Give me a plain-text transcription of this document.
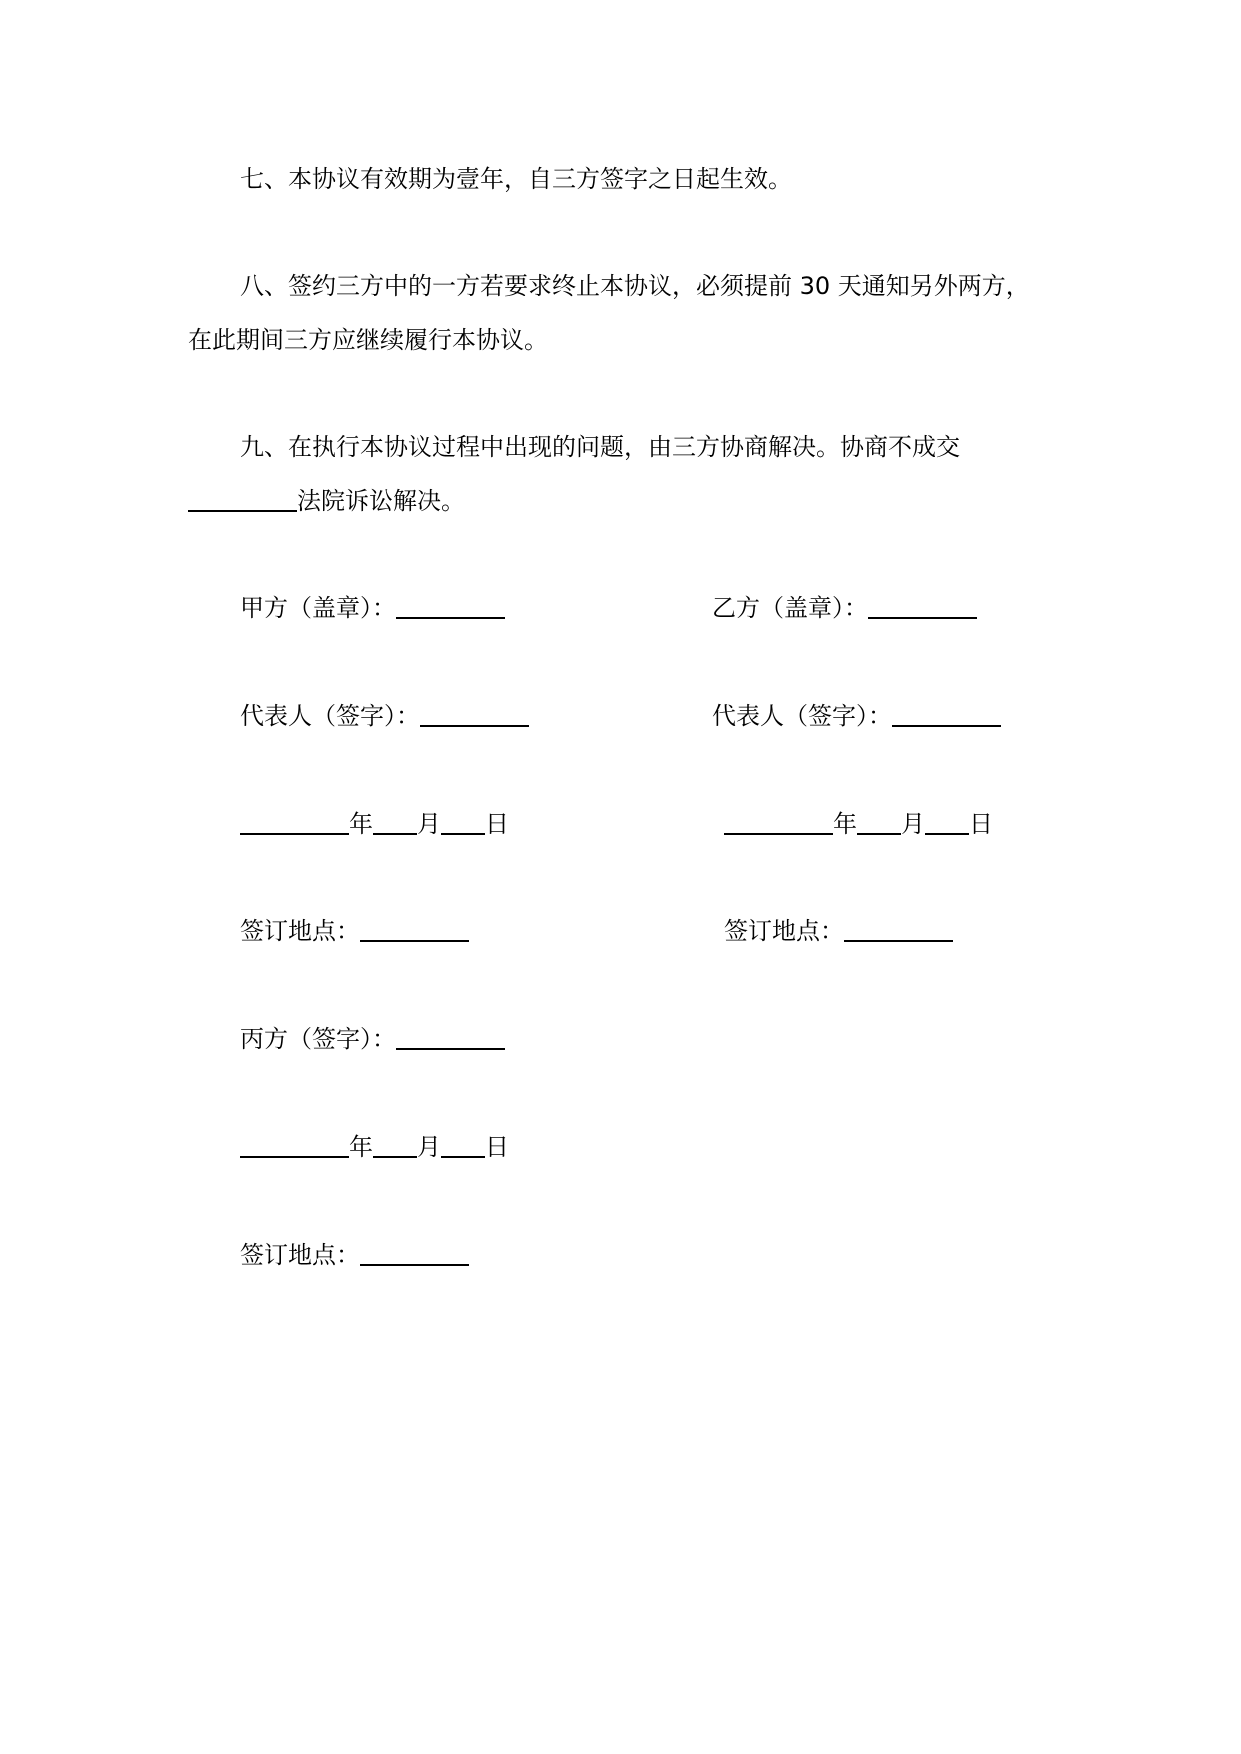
七、本协议有效期为壹年，自三方签字之日起生效。
八、签约三方中的一方若要求终止本协议，必须提前 30 天通知另外两方，
在此期间三方应继续履行本协议。
九、在执行本协议过程中出现的问题，由三方协商解决。协商不成交
法院诉讼解决。
甲方（盖章）：
代表人（签字）：
年 月 日
签订地点：
乙方（盖章）：
代表人（签字）：
年 月 日
签订地点：
丙方（签字）：
年 月 日
签订地点：
